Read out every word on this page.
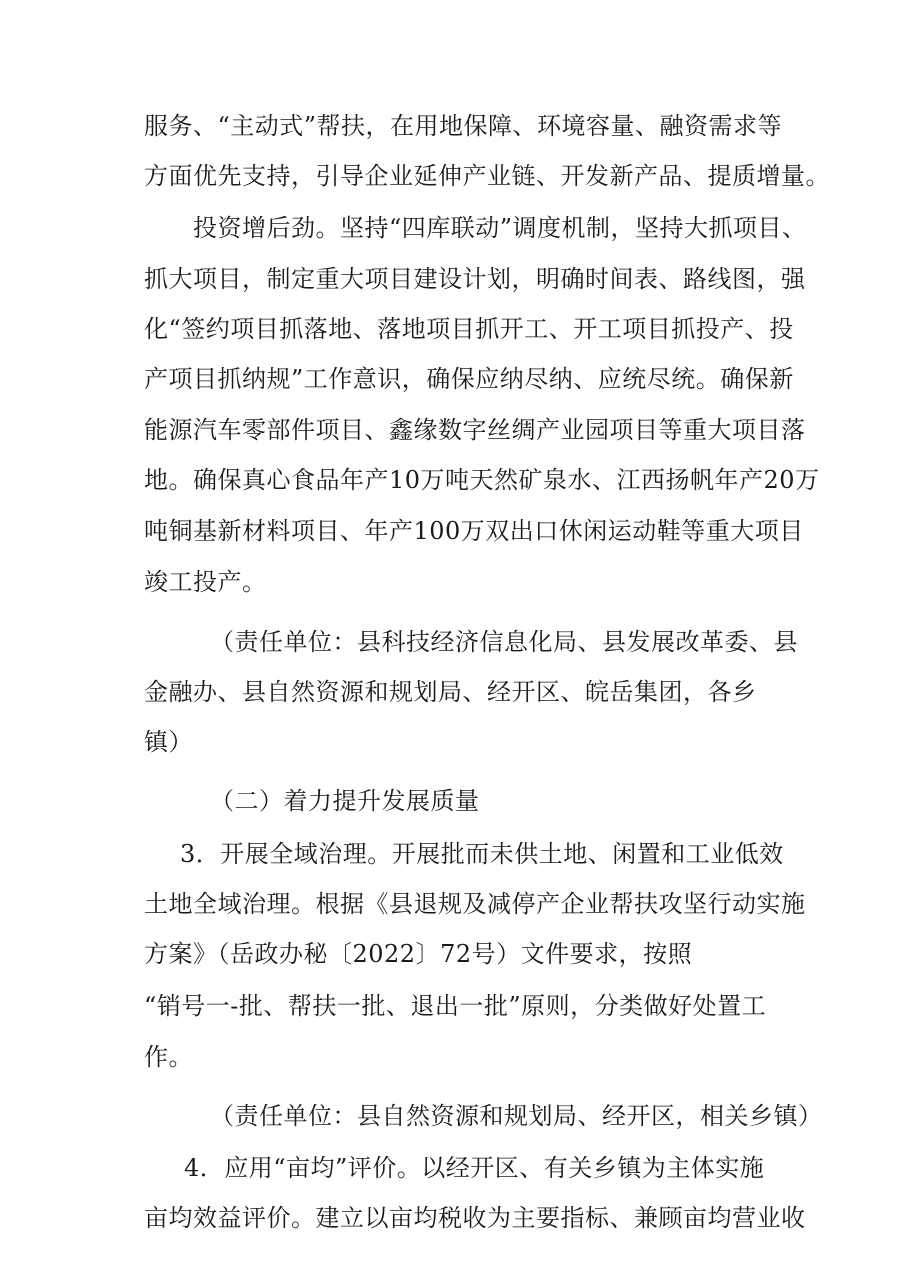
服务、“主动式”帮扶，在用地保障、环境容量、融资需求等
方面优先支持，引导企业延伸产业链、开发新产品、提质增量。
投资增后劲。坚持“四库联动”调度机制，坚持大抓项目、
抓大项目，制定重大项目建设计划，明确时间表、路线图，强
化“签约项目抓落地、落地项目抓开工、开工项目抓投产、投
产项目抓纳规”工作意识，确保应纳尽纳、应统尽统。确保新
能源汽车零部件项目、鑫缘数字丝绸产业园项目等重大项目落
地。确保真心食品年产10万吨天然矿泉水、江西扬帆年产20万
吨铜基新材料项目、年产100万双出口休闲运动鞋等重大项目
竣工投产。
（责任单位：县科技经济信息化局、县发展改革委、县
金融办、县自然资源和规划局、经开区、皖岳集团，各乡
镇）
（二）着力提升发展质量
3．开展全域治理。开展批而未供土地、闲置和工业低效
土地全域治理。根据《县退规及减停产企业帮扶攻坚行动实施
方案》（岳政办秘〔2022〕72号）文件要求，按照
“销号一-批、帮扶一批、退出一批”原则，分类做好处置工
作。
（责任单位：县自然资源和规划局、经开区，相关乡镇）
4．应用“亩均”评价。以经开区、有关乡镇为主体实施
亩均效益评价。建立以亩均税收为主要指标、兼顾亩均营业收
